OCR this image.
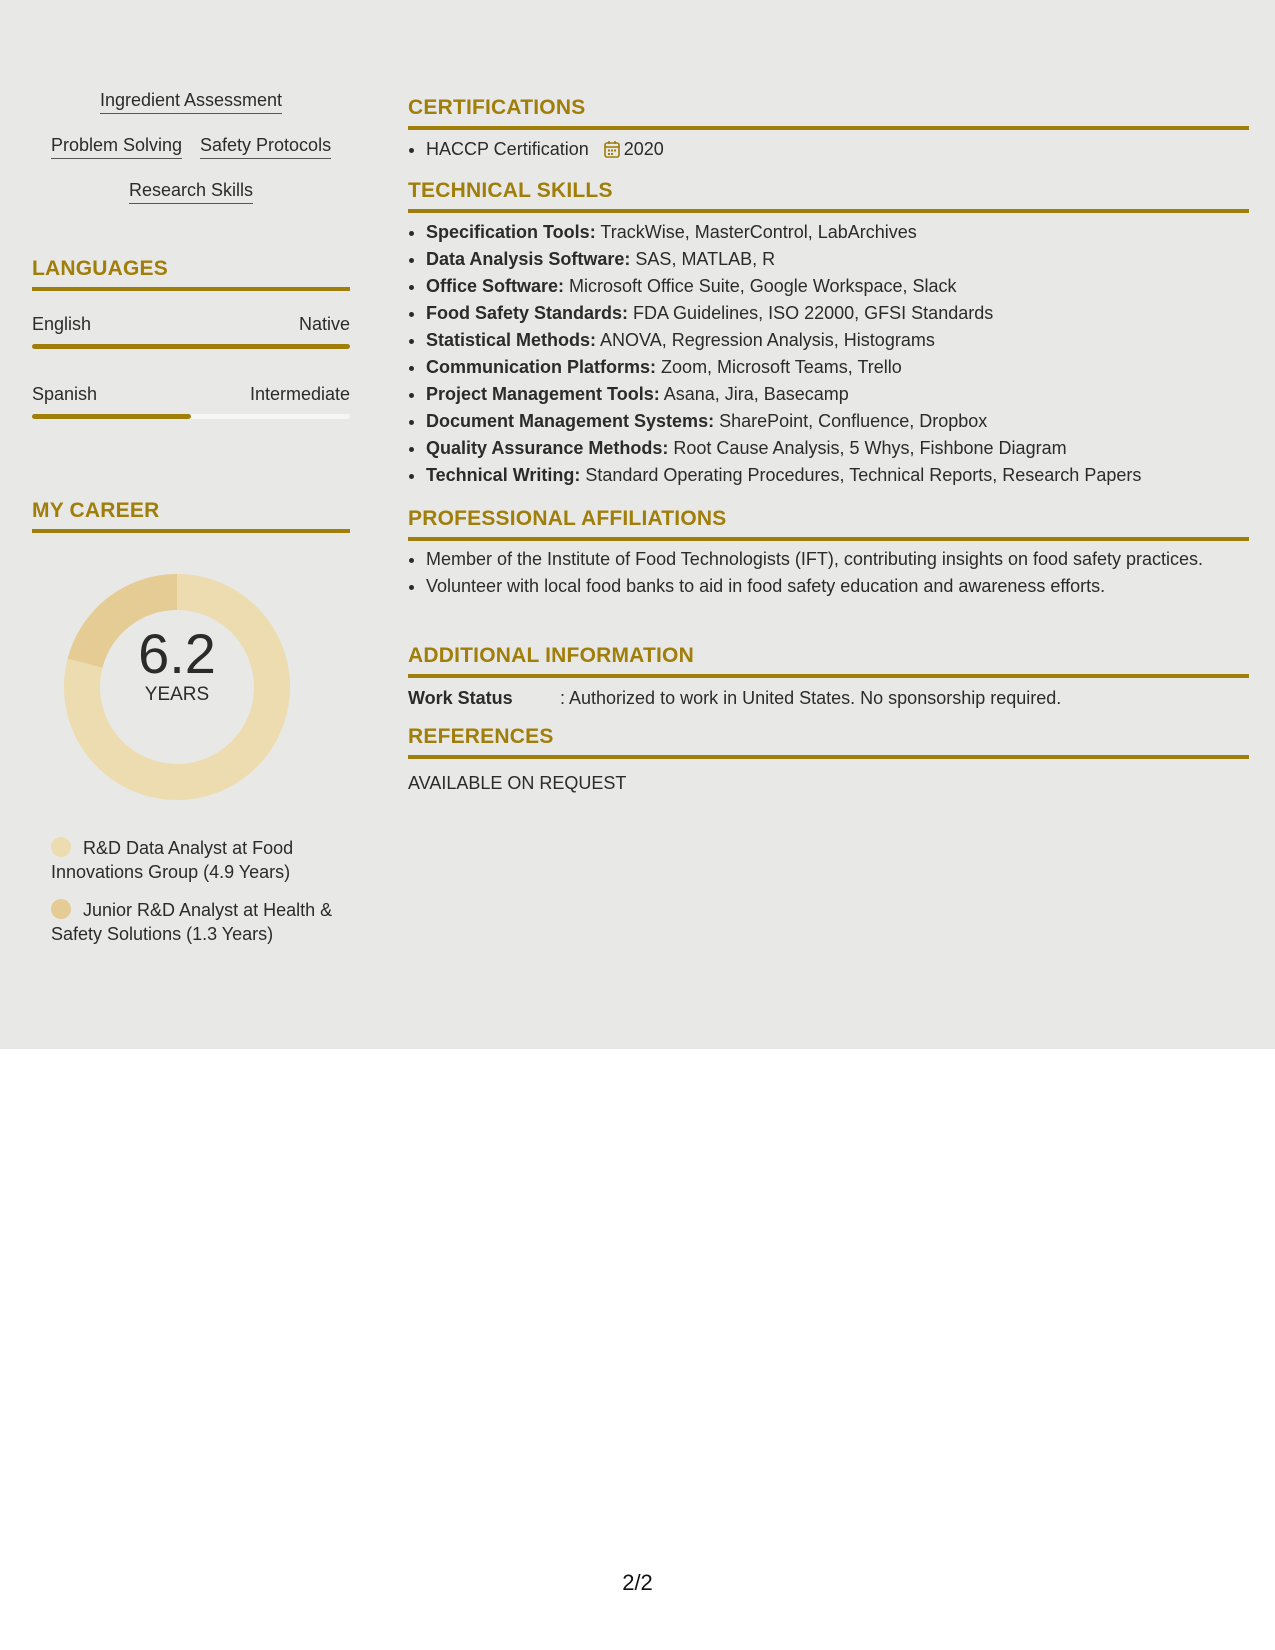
Ingredient Assessment
Problem Solving Safety Protocols
Research Skills
LANGUAGES
English	Native
Spanish	Intermediate
MY CAREER
6.2
YEARS
R&D Data Analyst at Food Innovations Group (4.9 Years)
Junior R&D Analyst at Health & Safety Solutions (1.3 Years)
CERTIFICATIONS
• HACCP Certification 2020
TECHNICAL SKILLS
• Specification Tools: TrackWise, MasterControl, LabArchives
• Data Analysis Software: SAS, MATLAB, R
• Office Software: Microsoft Office Suite, Google Workspace, Slack
• Food Safety Standards: FDA Guidelines, ISO 22000, GFSI Standards
• Statistical Methods: ANOVA, Regression Analysis, Histograms
• Communication Platforms: Zoom, Microsoft Teams, Trello
• Project Management Tools: Asana, Jira, Basecamp
• Document Management Systems: SharePoint, Confluence, Dropbox
• Quality Assurance Methods: Root Cause Analysis, 5 Whys, Fishbone Diagram
• Technical Writing: Standard Operating Procedures, Technical Reports, Research Papers
PROFESSIONAL AFFILIATIONS
• Member of the Institute of Food Technologists (IFT), contributing insights on food safety practices.
• Volunteer with local food banks to aid in food safety education and awareness efforts.
ADDITIONAL INFORMATION
Work Status	: Authorized to work in United States. No sponsorship required.
REFERENCES
AVAILABLE ON REQUEST
2/2
